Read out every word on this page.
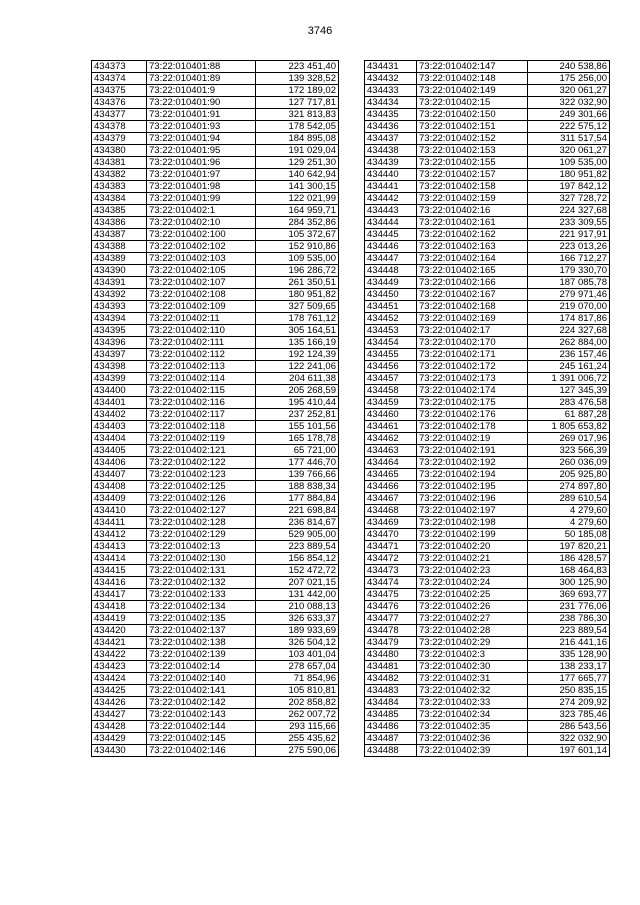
3746
434373	73:22:010401:88	223 451,40
434374	73:22:010401:89	139 328,52
434375	73:22:010401:9	172 189,02
434376	73:22:010401:90	127 717,81
434377	73:22:010401:91	321 813,83
434378	73:22:010401:93	178 542,05
434379	73:22:010401:94	184 895,08
434380	73:22:010401:95	191 029,04
434381	73:22:010401:96	129 251,30
434382	73:22:010401:97	140 642,94
434383	73:22:010401:98	141 300,15
434384	73:22:010401:99	122 021,99
434385	73:22:010402:1	164 959,71
434386	73:22:010402:10	284 352,86
434387	73:22:010402:100	105 372,67
434388	73:22:010402:102	152 910,86
434389	73:22:010402:103	109 535,00
434390	73:22:010402:105	196 286,72
434391	73:22:010402:107	261 350,51
434392	73:22:010402:108	180 951,82
434393	73:22:010402:109	327 509,65
434394	73:22:010402:11	178 761,12
434395	73:22:010402:110	305 164,51
434396	73:22:010402:111	135 166,19
434397	73:22:010402:112	192 124,39
434398	73:22:010402:113	122 241,06
434399	73:22:010402:114	204 611,38
434400	73:22:010402:115	205 268,59
434401	73:22:010402:116	195 410,44
434402	73:22:010402:117	237 252,81
434403	73:22:010402:118	155 101,56
434404	73:22:010402:119	165 178,78
434405	73:22:010402:121	65 721,00
434406	73:22:010402:122	177 446,70
434407	73:22:010402:123	139 766,66
434408	73:22:010402:125	188 838,34
434409	73:22:010402:126	177 884,84
434410	73:22:010402:127	221 698,84
434411	73:22:010402:128	236 814,67
434412	73:22:010402:129	529 905,00
434413	73:22:010402:13	223 889,54
434414	73:22:010402:130	156 854,12
434415	73:22:010402:131	152 472,72
434416	73:22:010402:132	207 021,15
434417	73:22:010402:133	131 442,00
434418	73:22:010402:134	210 088,13
434419	73:22:010402:135	326 633,37
434420	73:22:010402:137	189 933,69
434421	73:22:010402:138	326 504,12
434422	73:22:010402:139	103 401,04
434423	73:22:010402:14	278 657,04
434424	73:22:010402:140	71 854,96
434425	73:22:010402:141	105 810,81
434426	73:22:010402:142	202 858,82
434427	73:22:010402:143	262 007,72
434428	73:22:010402:144	293 115,66
434429	73:22:010402:145	255 435,62
434430	73:22:010402:146	275 590,06
434431	73:22:010402:147	240 538,86
434432	73:22:010402:148	175 256,00
434433	73:22:010402:149	320 061,27
434434	73:22:010402:15	322 032,90
434435	73:22:010402:150	249 301,66
434436	73:22:010402:151	222 575,12
434437	73:22:010402:152	311 517,54
434438	73:22:010402:153	320 061,27
434439	73:22:010402:155	109 535,00
434440	73:22:010402:157	180 951,82
434441	73:22:010402:158	197 842,12
434442	73:22:010402:159	327 728,72
434443	73:22:010402:16	224 327,68
434444	73:22:010402:161	233 309,55
434445	73:22:010402:162	221 917,91
434446	73:22:010402:163	223 013,26
434447	73:22:010402:164	166 712,27
434448	73:22:010402:165	179 330,70
434449	73:22:010402:166	187 085,78
434450	73:22:010402:167	279 971,46
434451	73:22:010402:168	219 070,00
434452	73:22:010402:169	174 817,86
434453	73:22:010402:17	224 327,68
434454	73:22:010402:170	262 884,00
434455	73:22:010402:171	236 157,46
434456	73:22:010402:172	245 161,24
434457	73:22:010402:173	1 391 006,72
434458	73:22:010402:174	127 345,39
434459	73:22:010402:175	283 476,58
434460	73:22:010402:176	61 887,28
434461	73:22:010402:178	1 805 653,82
434462	73:22:010402:19	269 017,96
434463	73:22:010402:191	323 566,39
434464	73:22:010402:192	260 036,09
434465	73:22:010402:194	205 925,80
434466	73:22:010402:195	274 897,80
434467	73:22:010402:196	289 610,54
434468	73:22:010402:197	4 279,60
434469	73:22:010402:198	4 279,60
434470	73:22:010402:199	50 185,08
434471	73:22:010402:20	197 820,21
434472	73:22:010402:21	186 428,57
434473	73:22:010402:23	168 464,83
434474	73:22:010402:24	300 125,90
434475	73:22:010402:25	369 693,77
434476	73:22:010402:26	231 776,06
434477	73:22:010402:27	238 786,30
434478	73:22:010402:28	223 889,54
434479	73:22:010402:29	216 441,16
434480	73:22:010402:3	335 128,90
434481	73:22:010402:30	138 233,17
434482	73:22:010402:31	177 665,77
434483	73:22:010402:32	250 835,15
434484	73:22:010402:33	274 209,92
434485	73:22:010402:34	323 785,46
434486	73:22:010402:35	286 543,56
434487	73:22:010402:36	322 032,90
434488	73:22:010402:39	197 601,14
